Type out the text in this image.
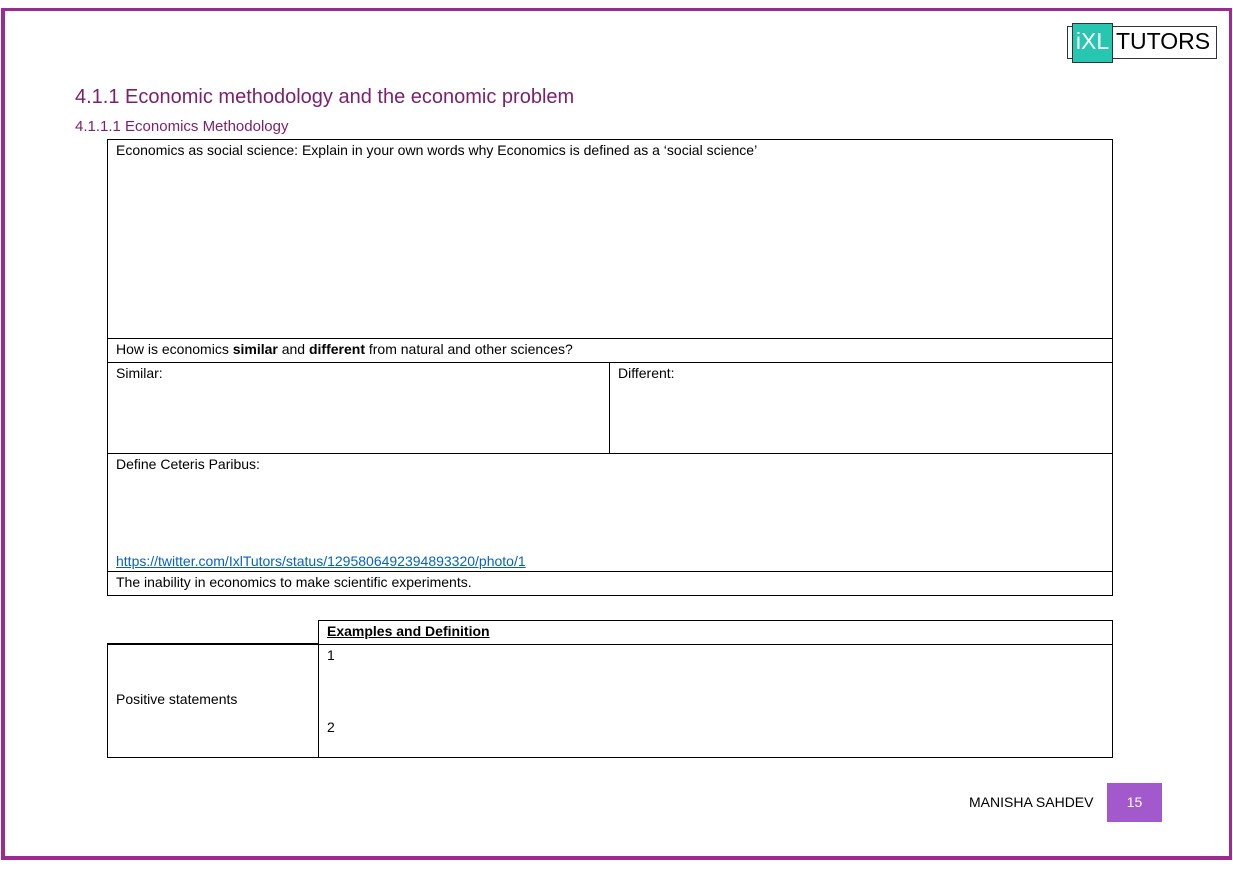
iXL TUTORS
4.1.1 Economic methodology and the economic problem
4.1.1.1 Economics Methodology
Economics as social science: Explain in your own words why Economics is defined as a ‘social science’
How is economics similar and different from natural and other sciences?
Similar:	Different:
Define Ceteris Paribus:
https://twitter.com/IxlTutors/status/1295806492394893320/photo/1
The inability in economics to make scientific experiments.
Examples and Definition
Positive statements
1
2
MANISHA SAHDEV	15
